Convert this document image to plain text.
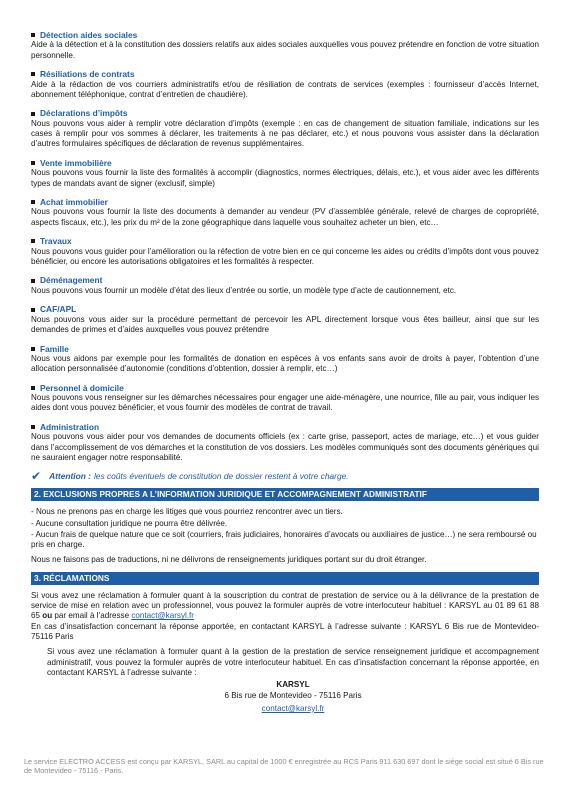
Détection aides sociales
Aide à la détection et à la constitution des dossiers relatifs aux aides sociales auxquelles vous pouvez prétendre en fonction de votre situation personnelle.
Résiliations de contrats
Aide à la rédaction de vos courriers administratifs et/ou de résiliation de contrats de services (exemples : fournisseur d’accès Internet, abonnement téléphonique, contrat d’entretien de chaudière).
Déclarations d’impôts
Nous pouvons vous aider à remplir votre déclaration d’impôts (exemple : en cas de changement de situation familiale, indications sur les cases à remplir pour vos sommes à déclarer, les traitements à ne pas déclarer, etc.) et nous pouvons vous assister dans la déclaration d’autres formulaires spécifiques de déclaration de revenus supplémentaires.
Vente immobilière
Nous pouvons vous fournir la liste des formalités à accomplir (diagnostics, normes électriques, délais, etc.), et vous aider avec les différents types de mandats avant de signer (exclusif, simple)
Achat immobilier
Nous pouvons vous fournir la liste des documents à demander au vendeur (PV d’assemblée générale, relevé de charges de copropriété, aspects fiscaux, etc.), les prix du m² de la zone géographique dans laquelle vous souhaitez acheter un bien, etc…
Travaux
Nous pouvons vous guider pour l’amélioration ou la réfection de votre bien en ce qui concerne les aides ou crédits d’impôts dont vous pouvez bénéficier, ou encore les autorisations obligatoires et les formalités à respecter.
Déménagement
Nous pouvons vous fournir un modèle d’état des lieux d’entrée ou sortie, un modèle type d’acte de cautionnement, etc.
CAF/APL
Nous pouvons vous aider sur la procédure permettant de percevoir les APL directement lorsque vous êtes bailleur, ainsi que sur les demandes de primes et d’aides auxquelles vous pouvez prétendre
Famille
Nous vous aidons par exemple pour les formalités de donation en espèces à vos enfants sans avoir de droits à payer, l’obtention d’une allocation personnalisée d’autonomie (conditions d’obtention, dossier à remplir, etc…)
Personnel à domicile
Nous pouvons vous renseigner sur les démarches nécessaires pour engager une aide-ménagère, une nourrice, fille au pair, vous indiquer les aides dont vous pouvez bénéficier, et vous fournir des modèles de contrat de travail.
Administration
Nous pouvons vous aider pour vos demandes de documents officiels (ex : carte grise, passeport, actes de mariage, etc…) et vous guider dans l’accomplissement de vos démarches et la constitution de vos dossiers. Les modèles communiqués sont des documents génériques qui ne sauraient engager notre responsabilité.
✔ Attention : les coûts éventuels de constitution de dossier restent à votre charge.
2. EXCLUSIONS PROPRES A L’INFORMATION JURIDIQUE ET ACCOMPAGNEMENT ADMINISTRATIF

- Nous ne prenons pas en charge les litiges que vous pourriez rencontrer avec un tiers.

- Aucune consultation juridique ne pourra être délivrée.

- Aucun frais de quelque nature que ce soit (courriers, frais judiciaires, honoraires d’avocats ou auxiliaires de justice…) ne sera remboursé ou pris en charge.

Nous ne faisons pas de traductions, ni ne délivrons de renseignements juridiques portant sur du droit étranger.

3. RÉCLAMATIONS
Si vous avez une réclamation à formuler quant à la souscription du contrat de prestation de service ou à la délivrance de la prestation de service de mise en relation avec un professionnel, vous pouvez la formuler auprès de votre interlocuteur habituel : KARSYL au 01 89 61 88 65 ou par email à l’adresse contact@karsyl.fr
En cas d’insatisfaction concernant la réponse apportée, en contactant KARSYL à l’adresse suivante : KARSYL 6 Bis rue de Montevideo-75116 Paris
Si vous avez une réclamation à formuler quant à la gestion de la prestation de service renseignement juridique et accompagnement administratif, vous pouvez la formuler auprès de votre interlocuteur habituel. En cas d’insatisfaction concernant la réponse apportée, en contactant KARSYL à l’adresse suivante :
KARSYL
6 Bis rue de Montevideo - 75116 Paris
contact@karsyl.fr
Le service ELECTRO ACCESS est conçu par KARSYL, SARL au capital de 1000 € enregistrée au RCS Paris 911 630 697 dont le siège social est situé 6 Bis rue de Montevideo - 75116 - Paris.
